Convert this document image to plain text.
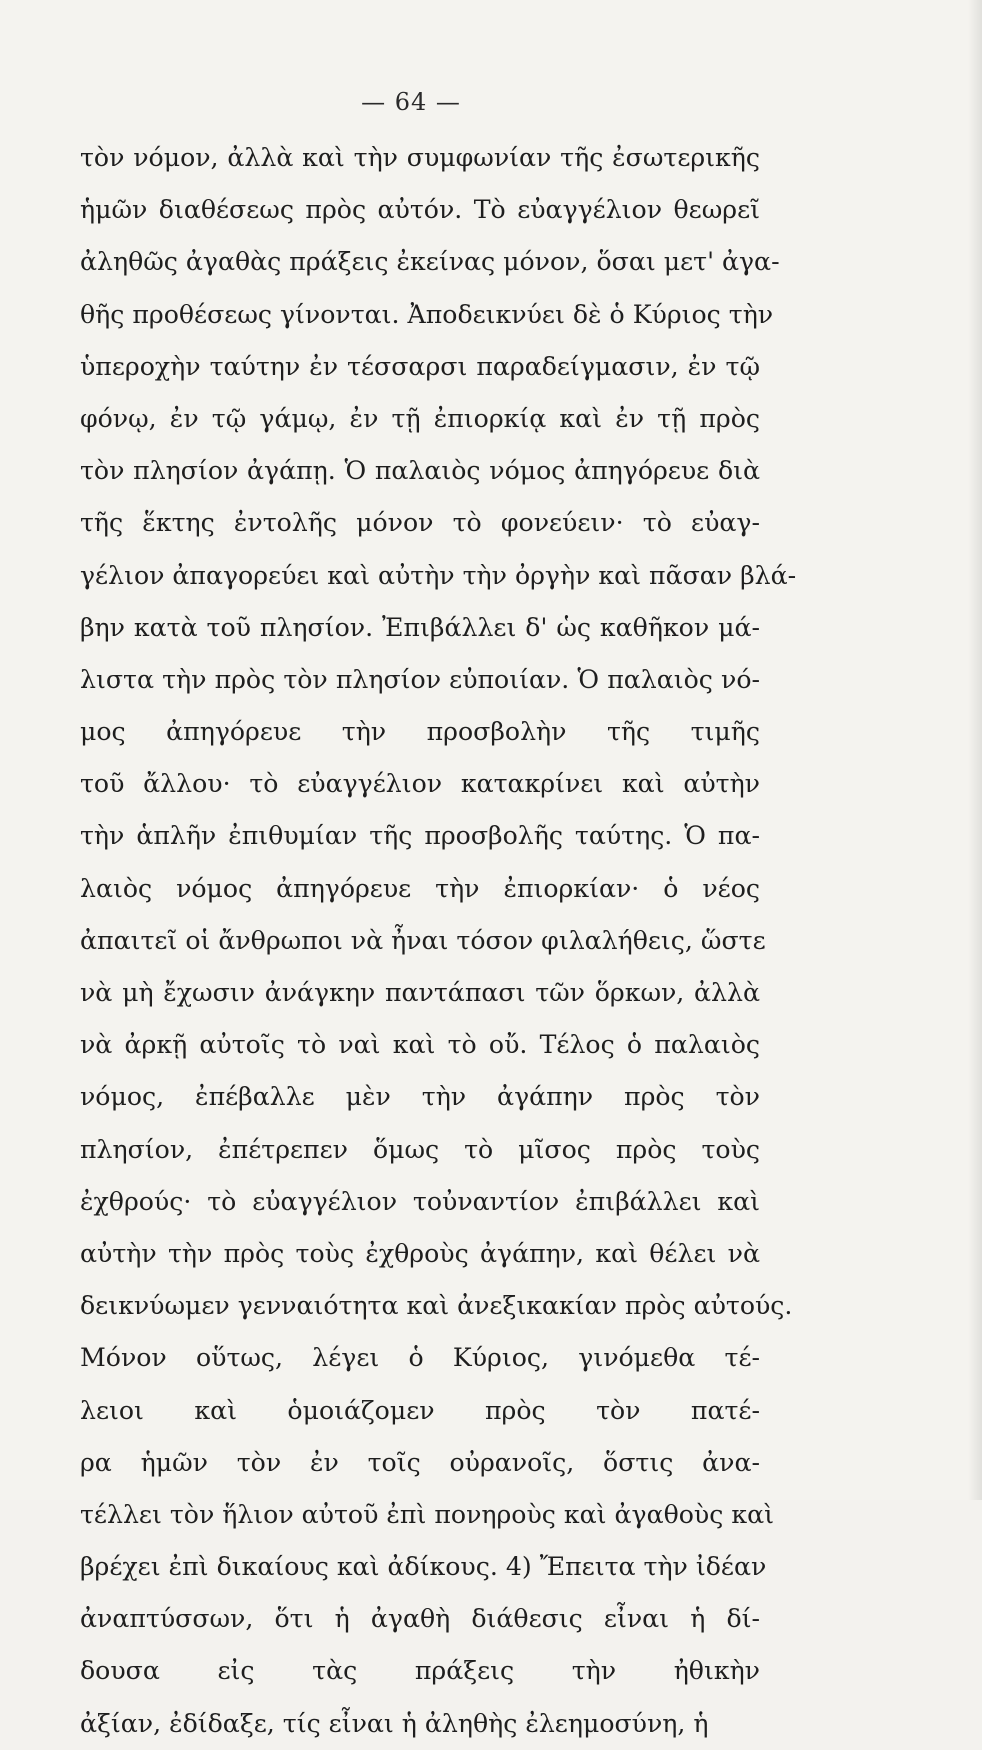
— 64 —
τὸν νόμον, ἀλλὰ καὶ τὴν συμφωνίαν τῆς ἐσωτερικῆς
ἡμῶν διαθέσεως πρὸς αὐτόν. Τὸ εὐαγγέλιον θεωρεῖ
ἀληθῶς ἀγαθὰς πράξεις ἐκείνας μόνον, ὅσαι μετ' ἀγα-
θῆς προθέσεως γίνονται. Ἀποδεικνύει δὲ ὁ Κύριος τὴν
ὑπεροχὴν ταύτην ἐν τέσσαρσι παραδείγμασιν, ἐν τῷ
φόνῳ, ἐν τῷ γάμῳ, ἐν τῇ ἐπιορκίᾳ καὶ ἐν τῇ πρὸς
τὸν πλησίον ἀγάπῃ. Ὁ παλαιὸς νόμος ἀπηγόρευε διὰ
τῆς ἕκτης ἐντολῆς μόνον τὸ φονεύειν· τὸ εὐαγ-
γέλιον ἀπαγορεύει καὶ αὐτὴν τὴν ὀργὴν καὶ πᾶσαν βλά-
βην κατὰ τοῦ πλησίον. Ἐπιβάλλει δ' ὡς καθῆκον μά-
λιστα τὴν πρὸς τὸν πλησίον εὐποιίαν. Ὁ παλαιὸς νό-
μος ἀπηγόρευε τὴν προσβολὴν τῆς τιμῆς
τοῦ ἄλλου· τὸ εὐαγγέλιον κατακρίνει καὶ αὐτὴν
τὴν ἁπλῆν ἐπιθυμίαν τῆς προσβολῆς ταύτης. Ὁ πα-
λαιὸς νόμος ἀπηγόρευε τὴν ἐπιορκίαν· ὁ νέος
ἀπαιτεῖ οἱ ἄνθρωποι νὰ ἦναι τόσον φιλαλήθεις, ὥστε
νὰ μὴ ἔχωσιν ἀνάγκην παντάπασι τῶν ὅρκων, ἀλλὰ
νὰ ἀρκῇ αὐτοῖς τὸ ναὶ καὶ τὸ οὔ. Τέλος ὁ παλαιὸς
νόμος, ἐπέβαλλε μὲν τὴν ἀγάπην πρὸς τὸν
πλησίον, ἐπέτρεπεν ὅμως τὸ μῖσος πρὸς τοὺς
ἐχθρούς· τὸ εὐαγγέλιον τοὐναντίον ἐπιβάλλει καὶ
αὐτὴν τὴν πρὸς τοὺς ἐχθροὺς ἀγάπην, καὶ θέλει νὰ
δεικνύωμεν γενναιότητα καὶ ἀνεξικακίαν πρὸς αὐτούς.
Μόνον οὕτως, λέγει ὁ Κύριος, γινόμεθα τέ-
λειοι καὶ ὁμοιάζομεν πρὸς τὸν πατέ-
ρα ἡμῶν τὸν ἐν τοῖς οὐρανοῖς, ὅστις ἀνα-
τέλλει τὸν ἥλιον αὐτοῦ ἐπὶ πονηροὺς καὶ ἀγαθοὺς καὶ
βρέχει ἐπὶ δικαίους καὶ ἀδίκους. 4) Ἔπειτα τὴν ἰδέαν
ἀναπτύσσων, ὅτι ἡ ἀγαθὴ διάθεσις εἶναι ἡ δί-
δουσα εἰς τὰς πράξεις τὴν ἠθικὴν
ἀξίαν, ἐδίδαξε, τίς εἶναι ἡ ἀληθὴς ἐλεημοσύνη, ἡ
